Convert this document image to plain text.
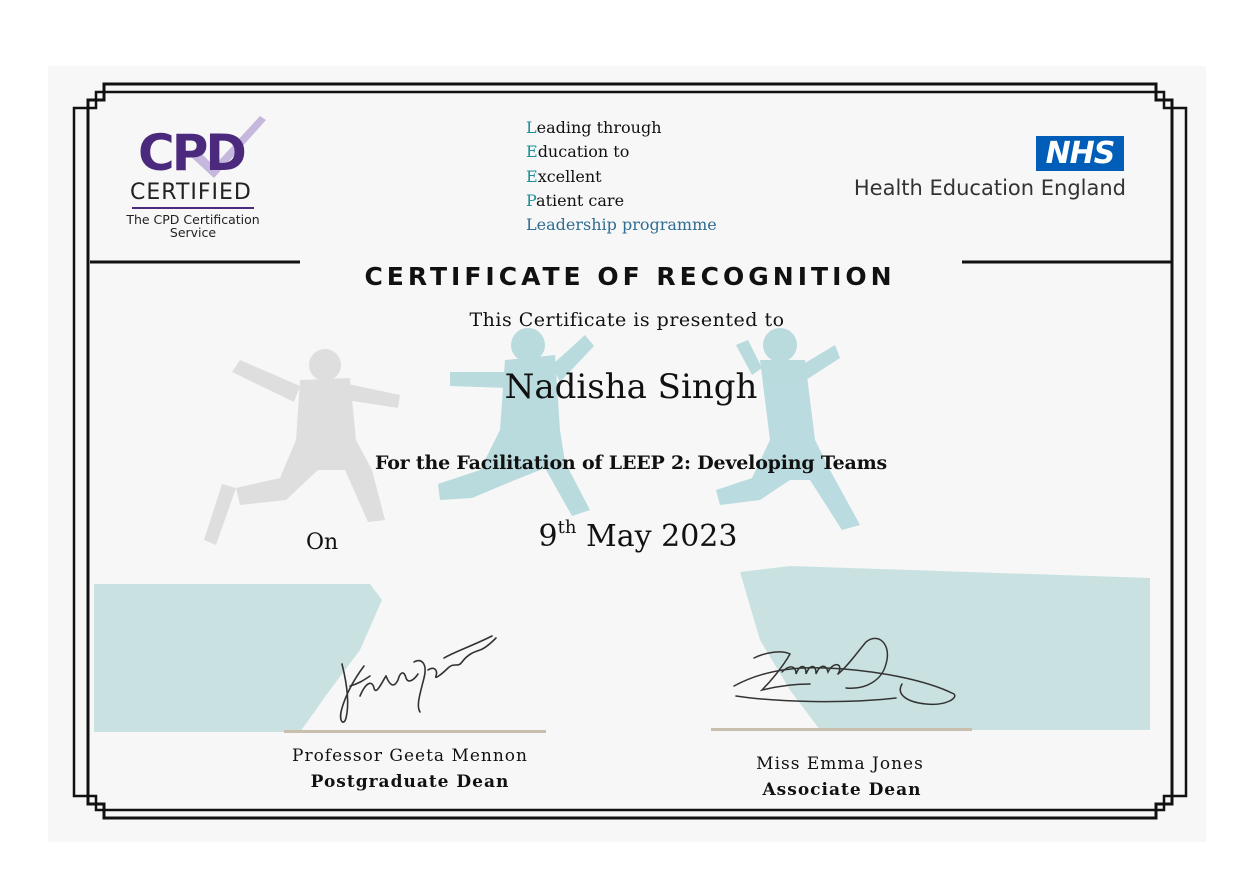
CPD
CERTIFIED
The CPD Certification Service
Leading through
Education to
Excellent
Patient care
Leadership programme
NHS
Health Education England
CERTIFICATE OF RECOGNITION
This Certificate is presented to
Nadisha Singh
For the Facilitation of LEEP 2: Developing Teams
On	9th May 2023
Professor Geeta Mennon
Postgraduate Dean
Miss Emma Jones
Associate Dean
